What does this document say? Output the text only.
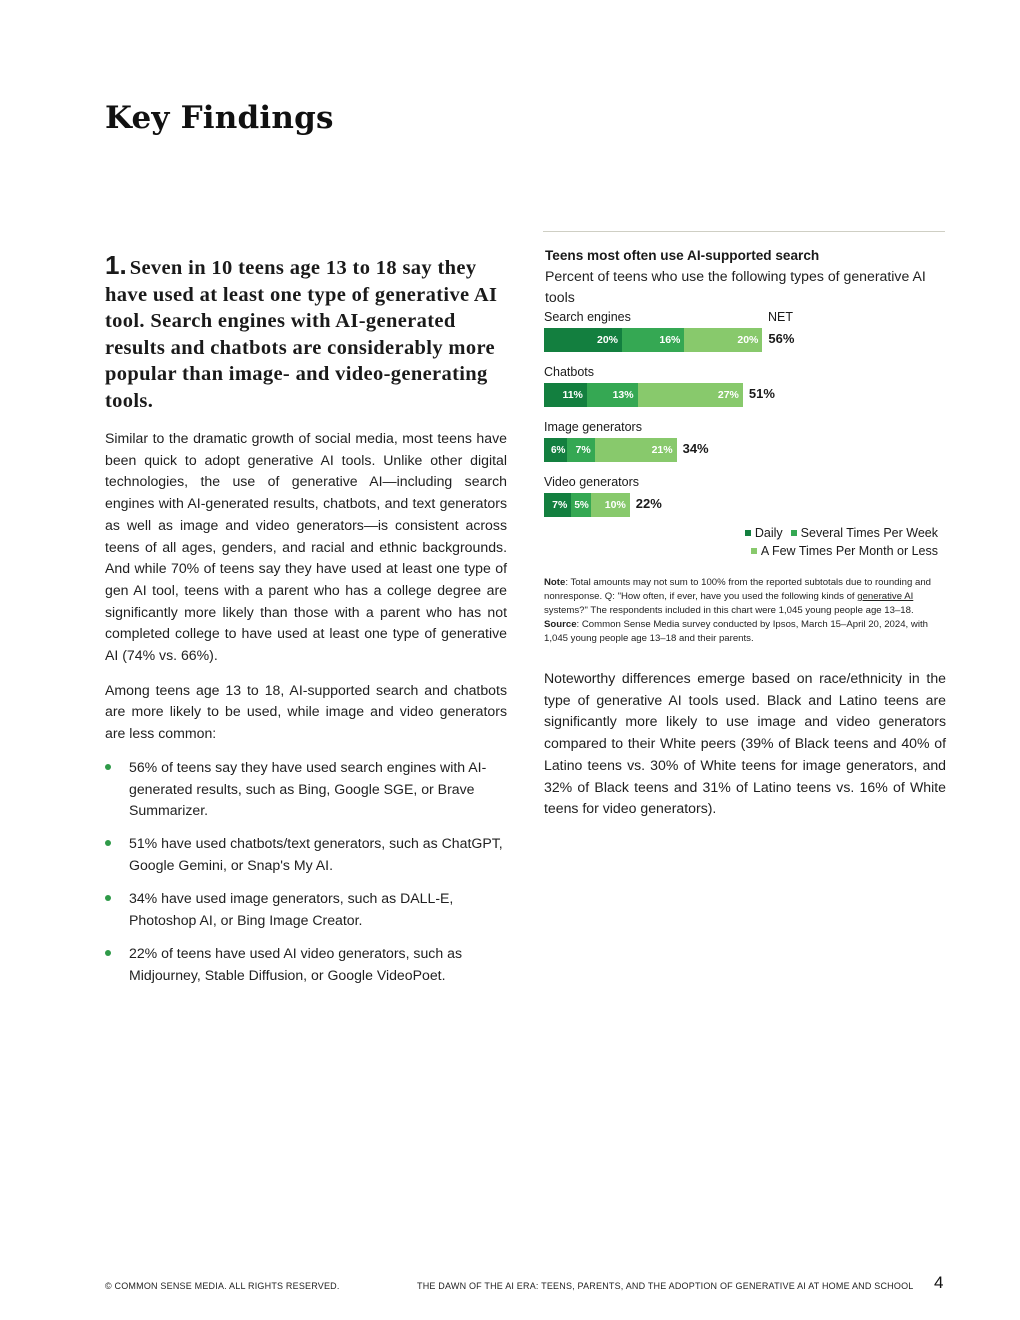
Key Findings
1. Seven in 10 teens age 13 to 18 say they have used at least one type of generative AI tool. Search engines with AI-generated results and chatbots are considerably more popular than image- and video-generating tools.

Similar to the dramatic growth of social media, most teens have been quick to adopt generative AI tools. Unlike other digital technologies, the use of generative AI—including search engines with AI-generated results, chatbots, and text generators as well as image and video generators—is consistent across teens of all ages, genders, and racial and ethnic backgrounds. And while 70% of teens say they have used at least one type of gen AI tool, teens with a parent who has a college degree are significantly more likely than those with a parent who has not completed college to have used at least one type of generative AI (74% vs. 66%).

Among teens age 13 to 18, AI-supported search and chatbots are more likely to be used, while image and video generators are less common:

56% of teens say they have used search engines with AI-generated results, such as Bing, Google SGE, or Brave Summarizer.
51% have used chatbots/text generators, such as ChatGPT, Google Gemini, or Snap's My AI.
34% have used image generators, such as DALL-E, Photoshop AI, or Bing Image Creator.
22% of teens have used AI video generators, such as Midjourney, Stable Diffusion, or Google VideoPoet.
Teens most often use AI-supported search
Percent of teens who use the following types of generative AI tools
NET
Daily Several Times Per Week
A Few Times Per Month or Less
Search engines
20%	16%	20% 56%
Chatbots
11%	13%	27% 51%
Image generators
6% 7%	21% 34%
Video generators
7% 5%	10% 22%
Note: Total amounts may not sum to 100% from the reported subtotals due to rounding and nonresponse. Q: "How often, if ever, have you used the following kinds of generative AI systems?" The respondents included in this chart were 1,045 young people age 13–18. Source: Common Sense Media survey conducted by Ipsos, March 15–April 20, 2024, with 1,045 young people age 13–18 and their parents.

Noteworthy differences emerge based on race/ethnicity in the type of generative AI tools used. Black and Latino teens are significantly more likely to use image and video generators compared to their White peers (39% of Black teens and 40% of Latino teens vs. 30% of White teens for image generators, and 32% of Black teens and 31% of Latino teens vs. 16% of White teens for video generators).

© COMMON SENSE MEDIA. ALL RIGHTS RESERVED.	THE DAWN OF THE AI ERA: TEENS, PARENTS, AND THE ADOPTION OF GENERATIVE AI AT HOME AND SCHOOL 4
